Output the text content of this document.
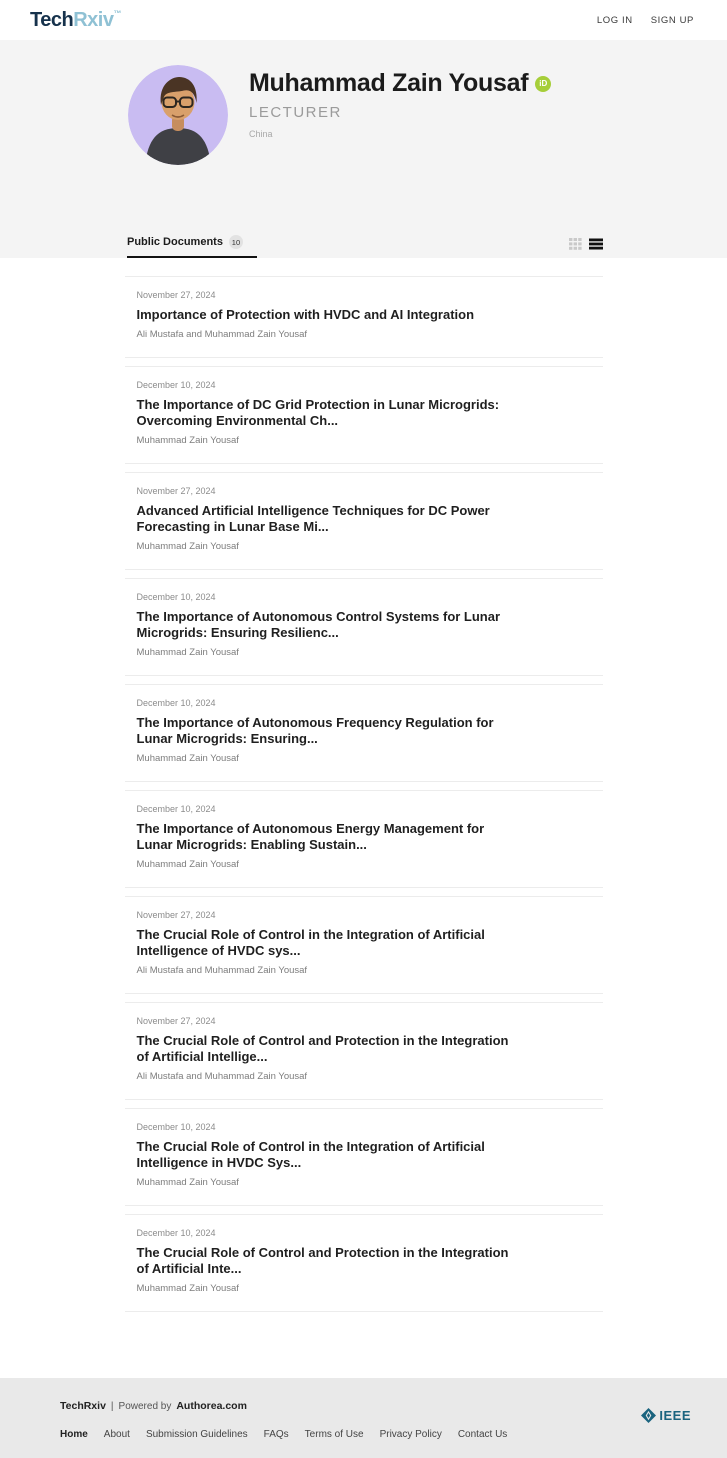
TechRxiv™
LOG IN SIGN UP
Muhammad Zain Yousaf	iD
LECTURER
China
Public Documents	10
November 27, 2024
Importance of Protection with HVDC and AI Integration
Ali Mustafa and Muhammad Zain Yousaf
December 10, 2024
The Importance of DC Grid Protection in Lunar Microgrids: Overcoming Environmental Ch...
Muhammad Zain Yousaf
November 27, 2024
Advanced Artificial Intelligence Techniques for DC Power Forecasting in Lunar Base Mi...
Muhammad Zain Yousaf
December 10, 2024
The Importance of Autonomous Control Systems for Lunar Microgrids: Ensuring Resilienc...
Muhammad Zain Yousaf
December 10, 2024
The Importance of Autonomous Frequency Regulation for Lunar Microgrids: Ensuring...
Muhammad Zain Yousaf
December 10, 2024
The Importance of Autonomous Energy Management for Lunar Microgrids: Enabling Sustain...
Muhammad Zain Yousaf
November 27, 2024
The Crucial Role of Control in the Integration of Artificial Intelligence of HVDC sys...
Ali Mustafa and Muhammad Zain Yousaf
November 27, 2024
The Crucial Role of Control and Protection in the Integration of Artificial Intellige...
Ali Mustafa and Muhammad Zain Yousaf
December 10, 2024
The Crucial Role of Control in the Integration of Artificial Intelligence in HVDC Sys...
Muhammad Zain Yousaf
December 10, 2024
The Crucial Role of Control and Protection in the Integration of Artificial Inte...
Muhammad Zain Yousaf
TechRxiv | Powered by Authorea.com
IEEE
Home About Submission Guidelines FAQs Terms of Use Privacy Policy Contact Us
